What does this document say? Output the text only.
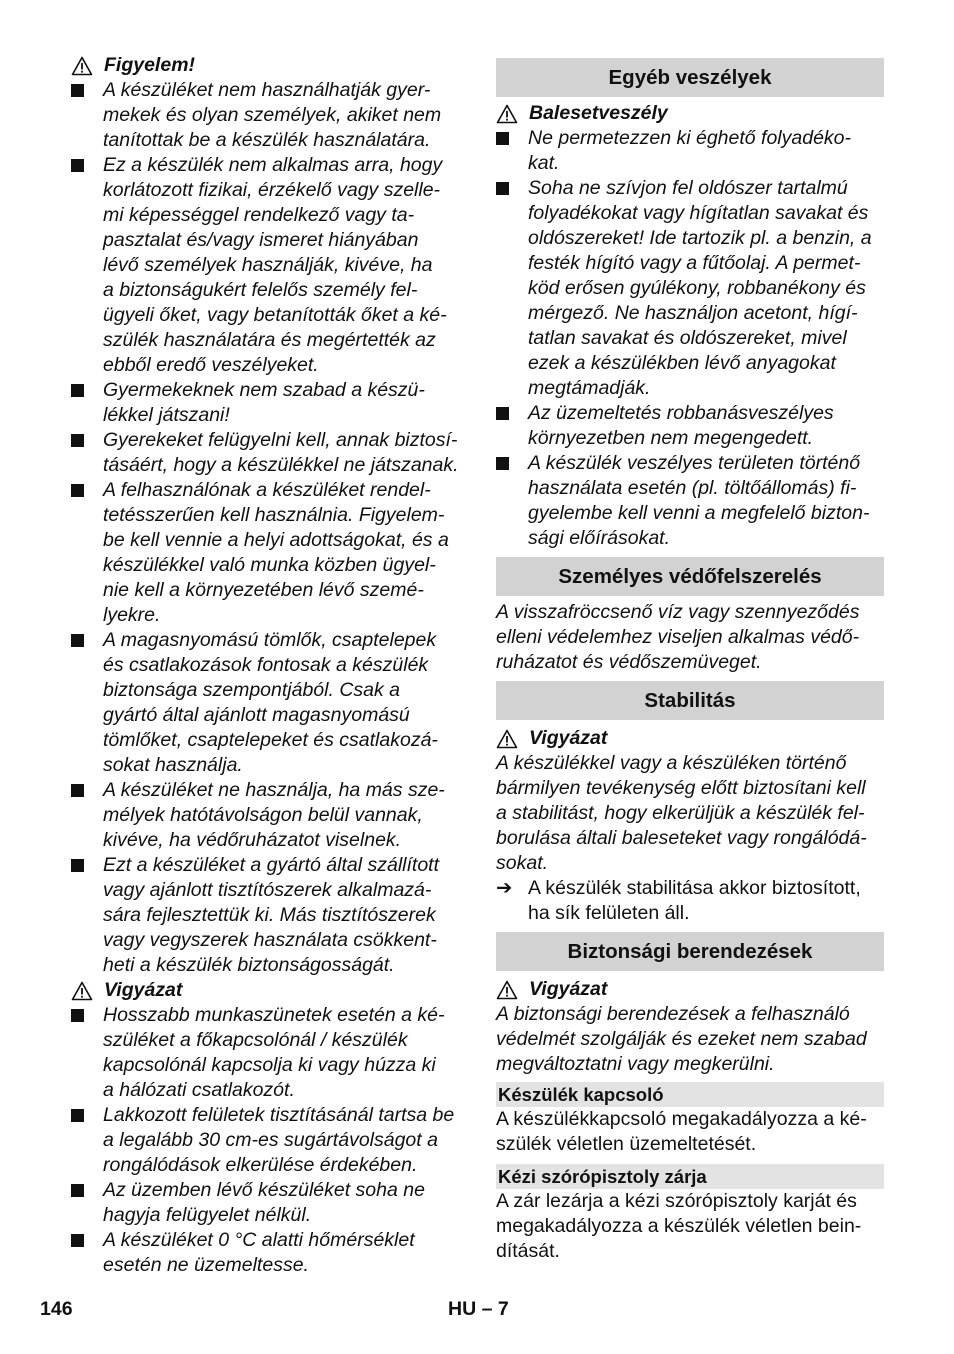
Figyelem!
A készüléket nem használhatják gyer-
mekek és olyan személyek, akiket nem
tanítottak be a készülék használatára.
Ez a készülék nem alkalmas arra, hogy
korlátozott fizikai, érzékelő vagy szelle-
mi képességgel rendelkező vagy ta-
pasztalat és/vagy ismeret hiányában
lévő személyek használják, kivéve, ha
a biztonságukért felelős személy fel-
ügyeli őket, vagy betanították őket a ké-
szülék használatára és megértették az
ebből eredő veszélyeket.
Gyermekeknek nem szabad a készü-
lékkel játszani!
Gyerekeket felügyelni kell, annak biztosí-
tásáért, hogy a készülékkel ne játszanak.
A felhasználónak a készüléket rendel-
tetésszerűen kell használnia. Figyelem-
be kell vennie a helyi adottságokat, és a
készülékkel való munka közben ügyel-
nie kell a környezetében lévő szemé-
lyekre.
A magasnyomású tömlők, csaptelepek
és csatlakozások fontosak a készülék
biztonsága szempontjából. Csak a
gyártó által ajánlott magasnyomású
tömlőket, csaptelepeket és csatlakozá-
sokat használja.
A készüléket ne használja, ha más sze-
mélyek hatótávolságon belül vannak,
kivéve, ha védőruházatot viselnek.
Ezt a készüléket a gyártó által szállított
vagy ajánlott tisztítószerek alkalmazá-
sára fejlesztettük ki. Más tisztítószerek
vagy vegyszerek használata csökkent-
heti a készülék biztonságosságát.
Vigyázat
Hosszabb munkaszünetek esetén a ké-
szüléket a főkapcsolónál / készülék
kapcsolónál kapcsolja ki vagy húzza ki
a hálózati csatlakozót.
Lakkozott felületek tisztításánál tartsa be
a legalább 30 cm-es sugártávolságot a
rongálódások elkerülése érdekében.
Az üzemben lévő készüléket soha ne
hagyja felügyelet nélkül.
A készüléket 0 °C alatti hőmérséklet
esetén ne üzemeltesse.
Egyéb veszélyek
Balesetveszély
Ne permetezzen ki éghető folyadéko-
kat.
Soha ne szívjon fel oldószer tartalmú
folyadékokat vagy hígítatlan savakat és
oldószereket! Ide tartozik pl. a benzin, a
festék hígító vagy a fűtőolaj. A permet-
köd erősen gyúlékony, robbanékony és
mérgező. Ne használjon acetont, hígí-
tatlan savakat és oldószereket, mivel
ezek a készülékben lévő anyagokat
megtámadják.
Az üzemeltetés robbanásveszélyes
környezetben nem megengedett.
A készülék veszélyes területen történő
használata esetén (pl. töltőállomás) fi-
gyelembe kell venni a megfelelő bizton-
sági előírásokat.
Személyes védőfelszerelés
A visszafröccsenő víz vagy szennyeződés
elleni védelemhez viseljen alkalmas védő-
ruházatot és védőszemüveget.
Stabilitás
Vigyázat
A készülékkel vagy a készüléken történő
bármilyen tevékenység előtt biztosítani kell
a stabilitást, hogy elkerüljük a készülék fel-
borulása általi baleseteket vagy rongálódá-
sokat.
➔ A készülék stabilitása akkor biztosított,
ha sík felületen áll.
Biztonsági berendezések
Vigyázat
A biztonsági berendezések a felhasználó
védelmét szolgálják és ezeket nem szabad
megváltoztatni vagy megkerülni.
Készülék kapcsoló
A készülékkapcsoló megakadályozza a ké-
szülék véletlen üzemeltetését.
Kézi szórópisztoly zárja
A zár lezárja a kézi szórópisztoly karját és
megakadályozza a készülék véletlen bein-
dítását.
146	HU – 7
